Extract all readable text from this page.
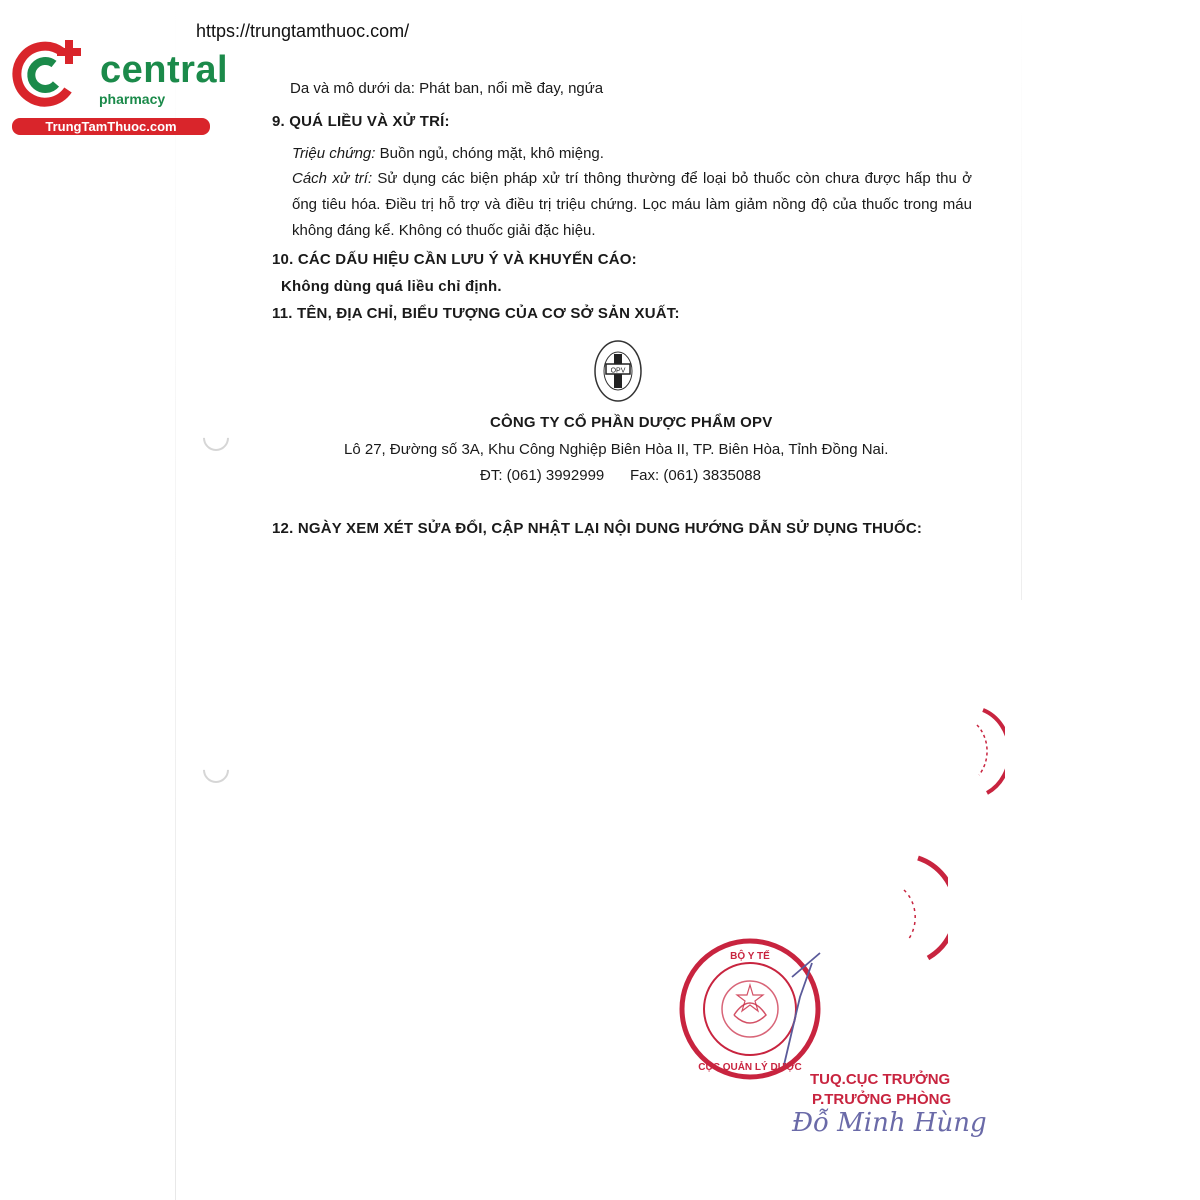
https://trungtamthuoc.com/
central
pharmacy
TrungTamThuoc.com
Da và mô dưới da: Phát ban, nổi mề đay, ngứa
9. QUÁ LIỀU VÀ XỬ TRÍ:
Triệu chứng: Buồn ngủ, chóng mặt, khô miệng.
Cách xử trí: Sử dụng các biện pháp xử trí thông thường để loại bỏ thuốc còn chưa được hấp thu ở ống tiêu hóa. Điều trị hỗ trợ và điều trị triệu chứng. Lọc máu làm giảm nồng độ của thuốc trong máu không đáng kể. Không có thuốc giải đặc hiệu.
10. CÁC DẤU HIỆU CẦN LƯU Ý VÀ KHUYẾN CÁO:
Không dùng quá liều chỉ định.
11. TÊN, ĐỊA CHỈ, BIỂU TƯỢNG CỦA CƠ SỞ SẢN XUẤT:
OPV
CÔNG TY CỔ PHẦN DƯỢC PHẨM OPV
Lô 27, Đường số 3A, Khu Công Nghiệp Biên Hòa II, TP. Biên Hòa, Tỉnh Đồng Nai.
ĐT: (061) 3992999 Fax: (061) 3835088
12. NGÀY XEM XÉT SỬA ĐỔI, CẬP NHẬT LẠI NỘI DUNG HƯỚNG DẪN SỬ DỤNG THUỐC:
BỘ Y TẾ
CỤC QUẢN LÝ DƯỢC
TUQ.CỤC TRƯỞNG
P.TRƯỞNG PHÒNG
Đỗ Minh Hùng
